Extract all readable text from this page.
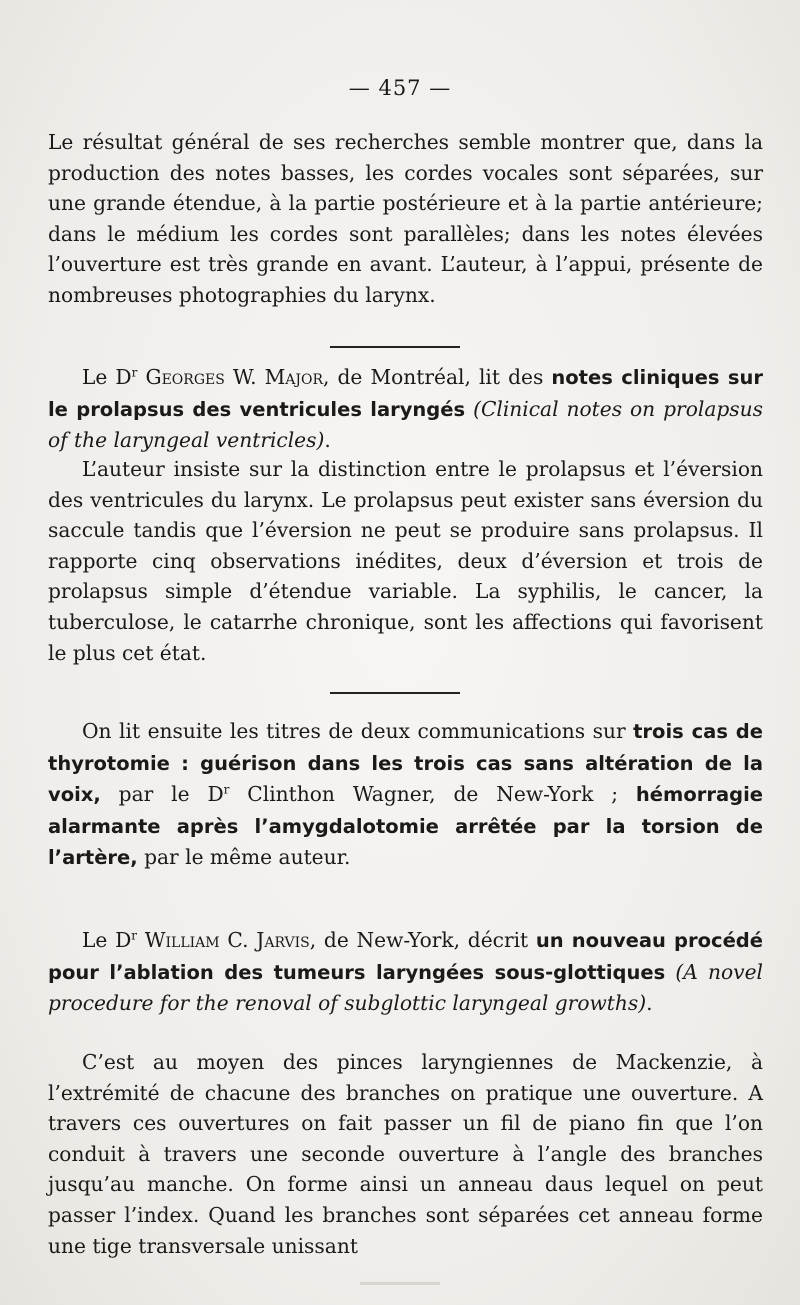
— 457 —

Le résultat général de ses recherches semble montrer que, dans la production des notes basses, les cordes vocales sont séparées, sur une grande étendue, à la partie postérieure et à la partie antérieure; dans le médium les cordes sont parallèles; dans les notes élevées l’ouverture est très grande en avant. L’auteur, à l’appui, présente de nombreuses photographies du larynx.

Le $D^r$ Georges W. Major, de Montréal, lit des notes cliniques sur le prolapsus des ventricules laryngés (Clinical notes on prolapsus of the laryngeal ventricles).

L’auteur insiste sur la distinction entre le prolapsus et l’éversion des ventricules du larynx. Le prolapsus peut exister sans éversion du saccule tandis que l’éversion ne peut se produire sans prolapsus. Il rapporte cinq observations inédites, deux d’éversion et trois de prolapsus simple d’étendue variable. La syphilis, le cancer, la tuberculose, le catarrhe chronique, sont les affections qui favorisent le plus cet état.

On lit ensuite les titres de deux communications sur trois cas de thyrotomie : guérison dans les trois cas sans altération de la voix, par le $D^r$ Clinthon Wagner, de New-York ; hémorragie alarmante après l’amygdalotomie arrêtée par la torsion de l’artère, par le même auteur.

Le $D^r$ William C. Jarvis, de New-York, décrit un nouveau procédé pour l’ablation des tumeurs laryngées sous-glottiques (A novel procedure for the renoval of subglottic laryngeal growths).

C’est au moyen des pinces laryngiennes de Mackenzie, à l’extrémité de chacune des branches on pratique une ouverture. A travers ces ouvertures on fait passer un fil de piano fin que l’on conduit à travers une seconde ouverture à l’angle des branches jusqu’au manche. On forme ainsi un anneau daus lequel on peut passer l’index. Quand les branches sont séparées cet anneau forme une tige transversale unissant
